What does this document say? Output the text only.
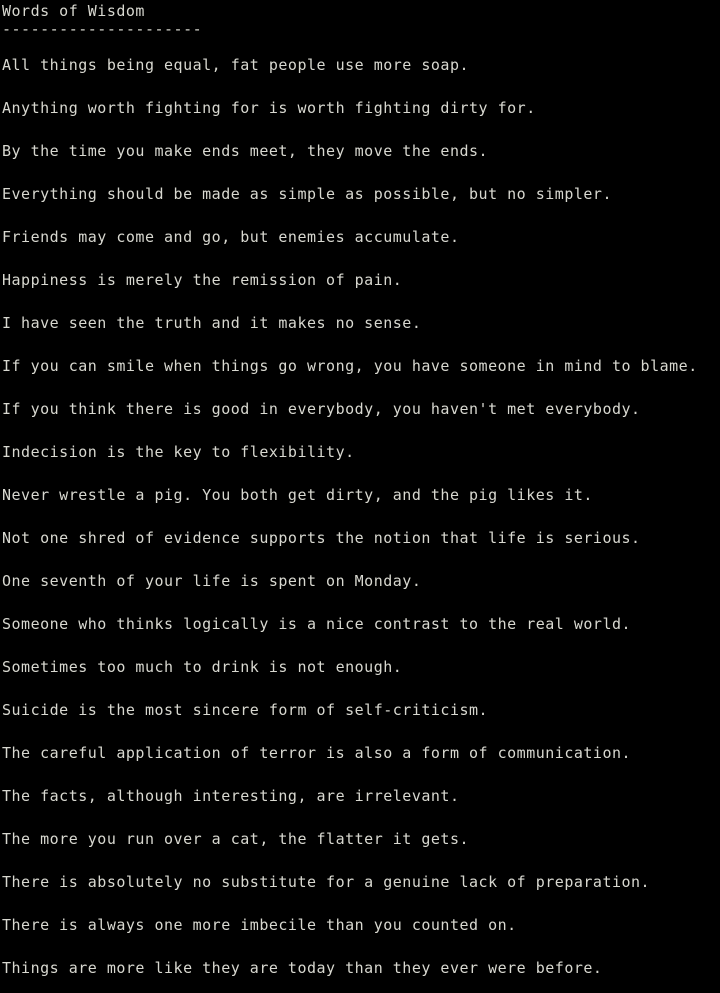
Words of Wisdom
---------------------
All things being equal, fat people use more soap.
Anything worth fighting for is worth fighting dirty for.
By the time you make ends meet, they move the ends.
Everything should be made as simple as possible, but no simpler.
Friends may come and go, but enemies accumulate.
Happiness is merely the remission of pain.
I have seen the truth and it makes no sense.
If you can smile when things go wrong, you have someone in mind to blame.
If you think there is good in everybody, you haven't met everybody.
Indecision is the key to flexibility.
Never wrestle a pig. You both get dirty, and the pig likes it.
Not one shred of evidence supports the notion that life is serious.
One seventh of your life is spent on Monday.
Someone who thinks logically is a nice contrast to the real world.
Sometimes too much to drink is not enough.
Suicide is the most sincere form of self-criticism.
The careful application of terror is also a form of communication.
The facts, although interesting, are irrelevant.
The more you run over a cat, the flatter it gets.
There is absolutely no substitute for a genuine lack of preparation.
There is always one more imbecile than you counted on.
Things are more like they are today than they ever were before.
